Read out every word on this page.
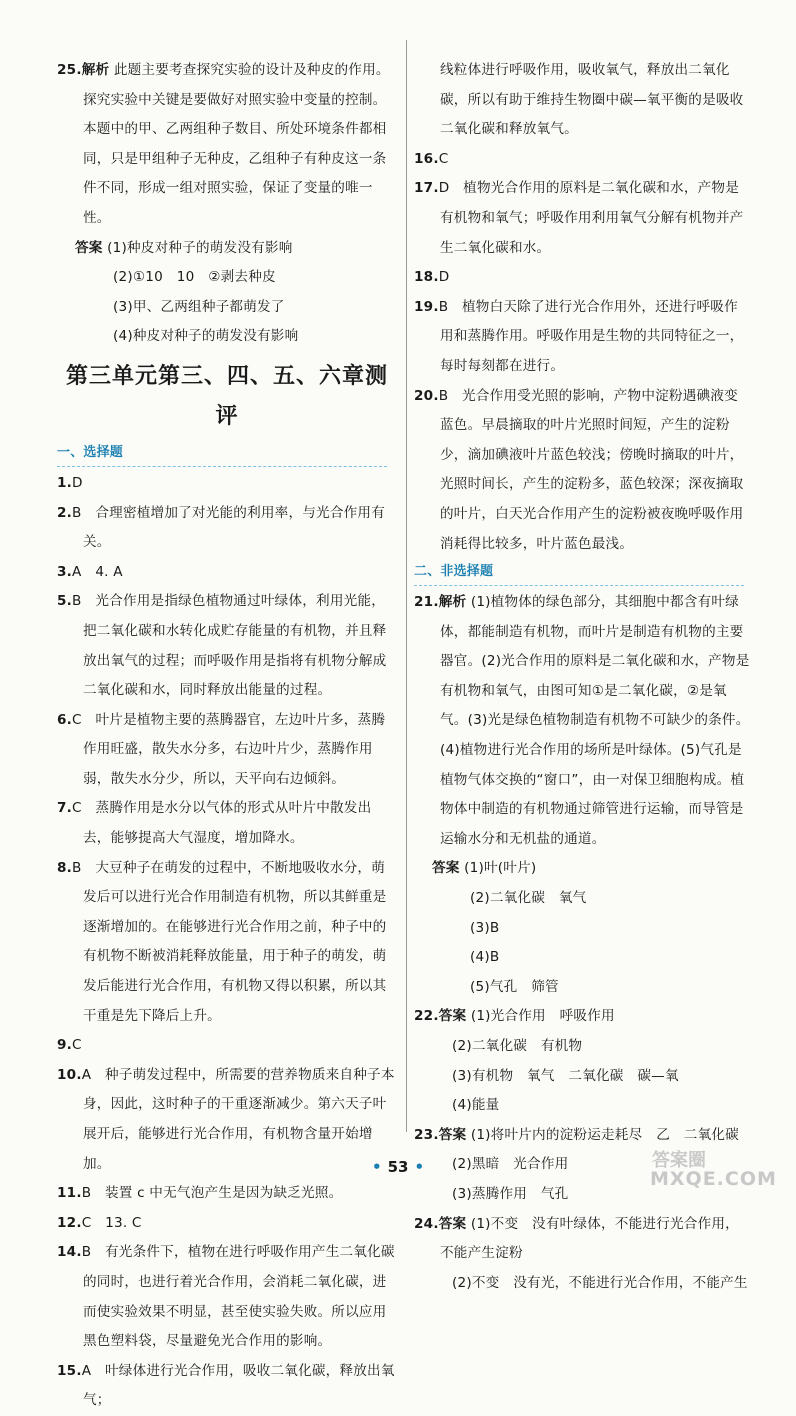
25.解析 此题主要考查探究实验的设计及种皮的作用。探究实验中关键是要做好对照实验中变量的控制。本题中的甲、乙两组种子数目、所处环境条件都相同，只是甲组种子无种皮，乙组种子有种皮这一条件不同，形成一组对照实验，保证了变量的唯一性。

答案 (1)种皮对种子的萌发没有影响

(2)①10　10　②剥去种皮

(3)甲、乙两组种子都萌发了

(4)种皮对种子的萌发没有影响

第三单元第三、四、五、六章测评
一、选择题

1.D

2.B　合理密植增加了对光能的利用率，与光合作用有关。

3.A　4. A

5.B　光合作用是指绿色植物通过叶绿体，利用光能，把二氧化碳和水转化成贮存能量的有机物，并且释放出氧气的过程；而呼吸作用是指将有机物分解成二氧化碳和水，同时释放出能量的过程。

6.C　叶片是植物主要的蒸腾器官，左边叶片多，蒸腾作用旺盛，散失水分多，右边叶片少，蒸腾作用弱，散失水分少，所以，天平向右边倾斜。

7.C　蒸腾作用是水分以气体的形式从叶片中散发出去，能够提高大气湿度，增加降水。

8.B　大豆种子在萌发的过程中，不断地吸收水分，萌发后可以进行光合作用制造有机物，所以其鲜重是逐渐增加的。在能够进行光合作用之前，种子中的有机物不断被消耗释放能量，用于种子的萌发，萌发后能进行光合作用，有机物又得以积累，所以其干重是先下降后上升。

9.C

10.A　种子萌发过程中，所需要的营养物质来自种子本身，因此，这时种子的干重逐渐减少。第六天子叶展开后，能够进行光合作用，有机物含量开始增加。

11.B　装置 c 中无气泡产生是因为缺乏光照。

12.C　13. C

14.B　有光条件下，植物在进行呼吸作用产生二氧化碳的同时，也进行着光合作用，会消耗二氧化碳，进而使实验效果不明显，甚至使实验失败。所以应用黑色塑料袋，尽量避免光合作用的影响。

15.A　叶绿体进行光合作用，吸收二氧化碳，释放出氧气；

线粒体进行呼吸作用，吸收氧气，释放出二氧化碳，所以有助于维持生物圈中碳—氧平衡的是吸收二氧化碳和释放氧气。

16.C

17.D　植物光合作用的原料是二氧化碳和水，产物是有机物和氧气；呼吸作用利用氧气分解有机物并产生二氧化碳和水。

18.D

19.B　植物白天除了进行光合作用外，还进行呼吸作用和蒸腾作用。呼吸作用是生物的共同特征之一，每时每刻都在进行。

20.B　光合作用受光照的影响，产物中淀粉遇碘液变蓝色。早晨摘取的叶片光照时间短，产生的淀粉少，滴加碘液叶片蓝色较浅；傍晚时摘取的叶片，光照时间长，产生的淀粉多，蓝色较深；深夜摘取的叶片，白天光合作用产生的淀粉被夜晚呼吸作用消耗得比较多，叶片蓝色最浅。

二、非选择题

21.解析 (1)植物体的绿色部分，其细胞中都含有叶绿体，都能制造有机物，而叶片是制造有机物的主要器官。(2)光合作用的原料是二氧化碳和水，产物是有机物和氧气，由图可知①是二氧化碳，②是氧气。(3)光是绿色植物制造有机物不可缺少的条件。(4)植物进行光合作用的场所是叶绿体。(5)气孔是植物气体交换的“窗口”，由一对保卫细胞构成。植物体中制造的有机物通过筛管进行运输，而导管是运输水分和无机盐的通道。

答案 (1)叶(叶片)

(2)二氧化碳　氧气

(3)B

(4)B

(5)气孔　筛管

22.答案 (1)光合作用　呼吸作用

(2)二氧化碳　有机物

(3)有机物　氧气　二氧化碳　碳—氧

(4)能量

23.答案 (1)将叶片内的淀粉运走耗尽　乙　二氧化碳

(2)黑暗　光合作用

(3)蒸腾作用　气孔

24.答案 (1)不变　没有叶绿体，不能进行光合作用，不能产生淀粉

(2)不变　没有光，不能进行光合作用，不能产生

• 53 •	答案圈
MXQE.COM
